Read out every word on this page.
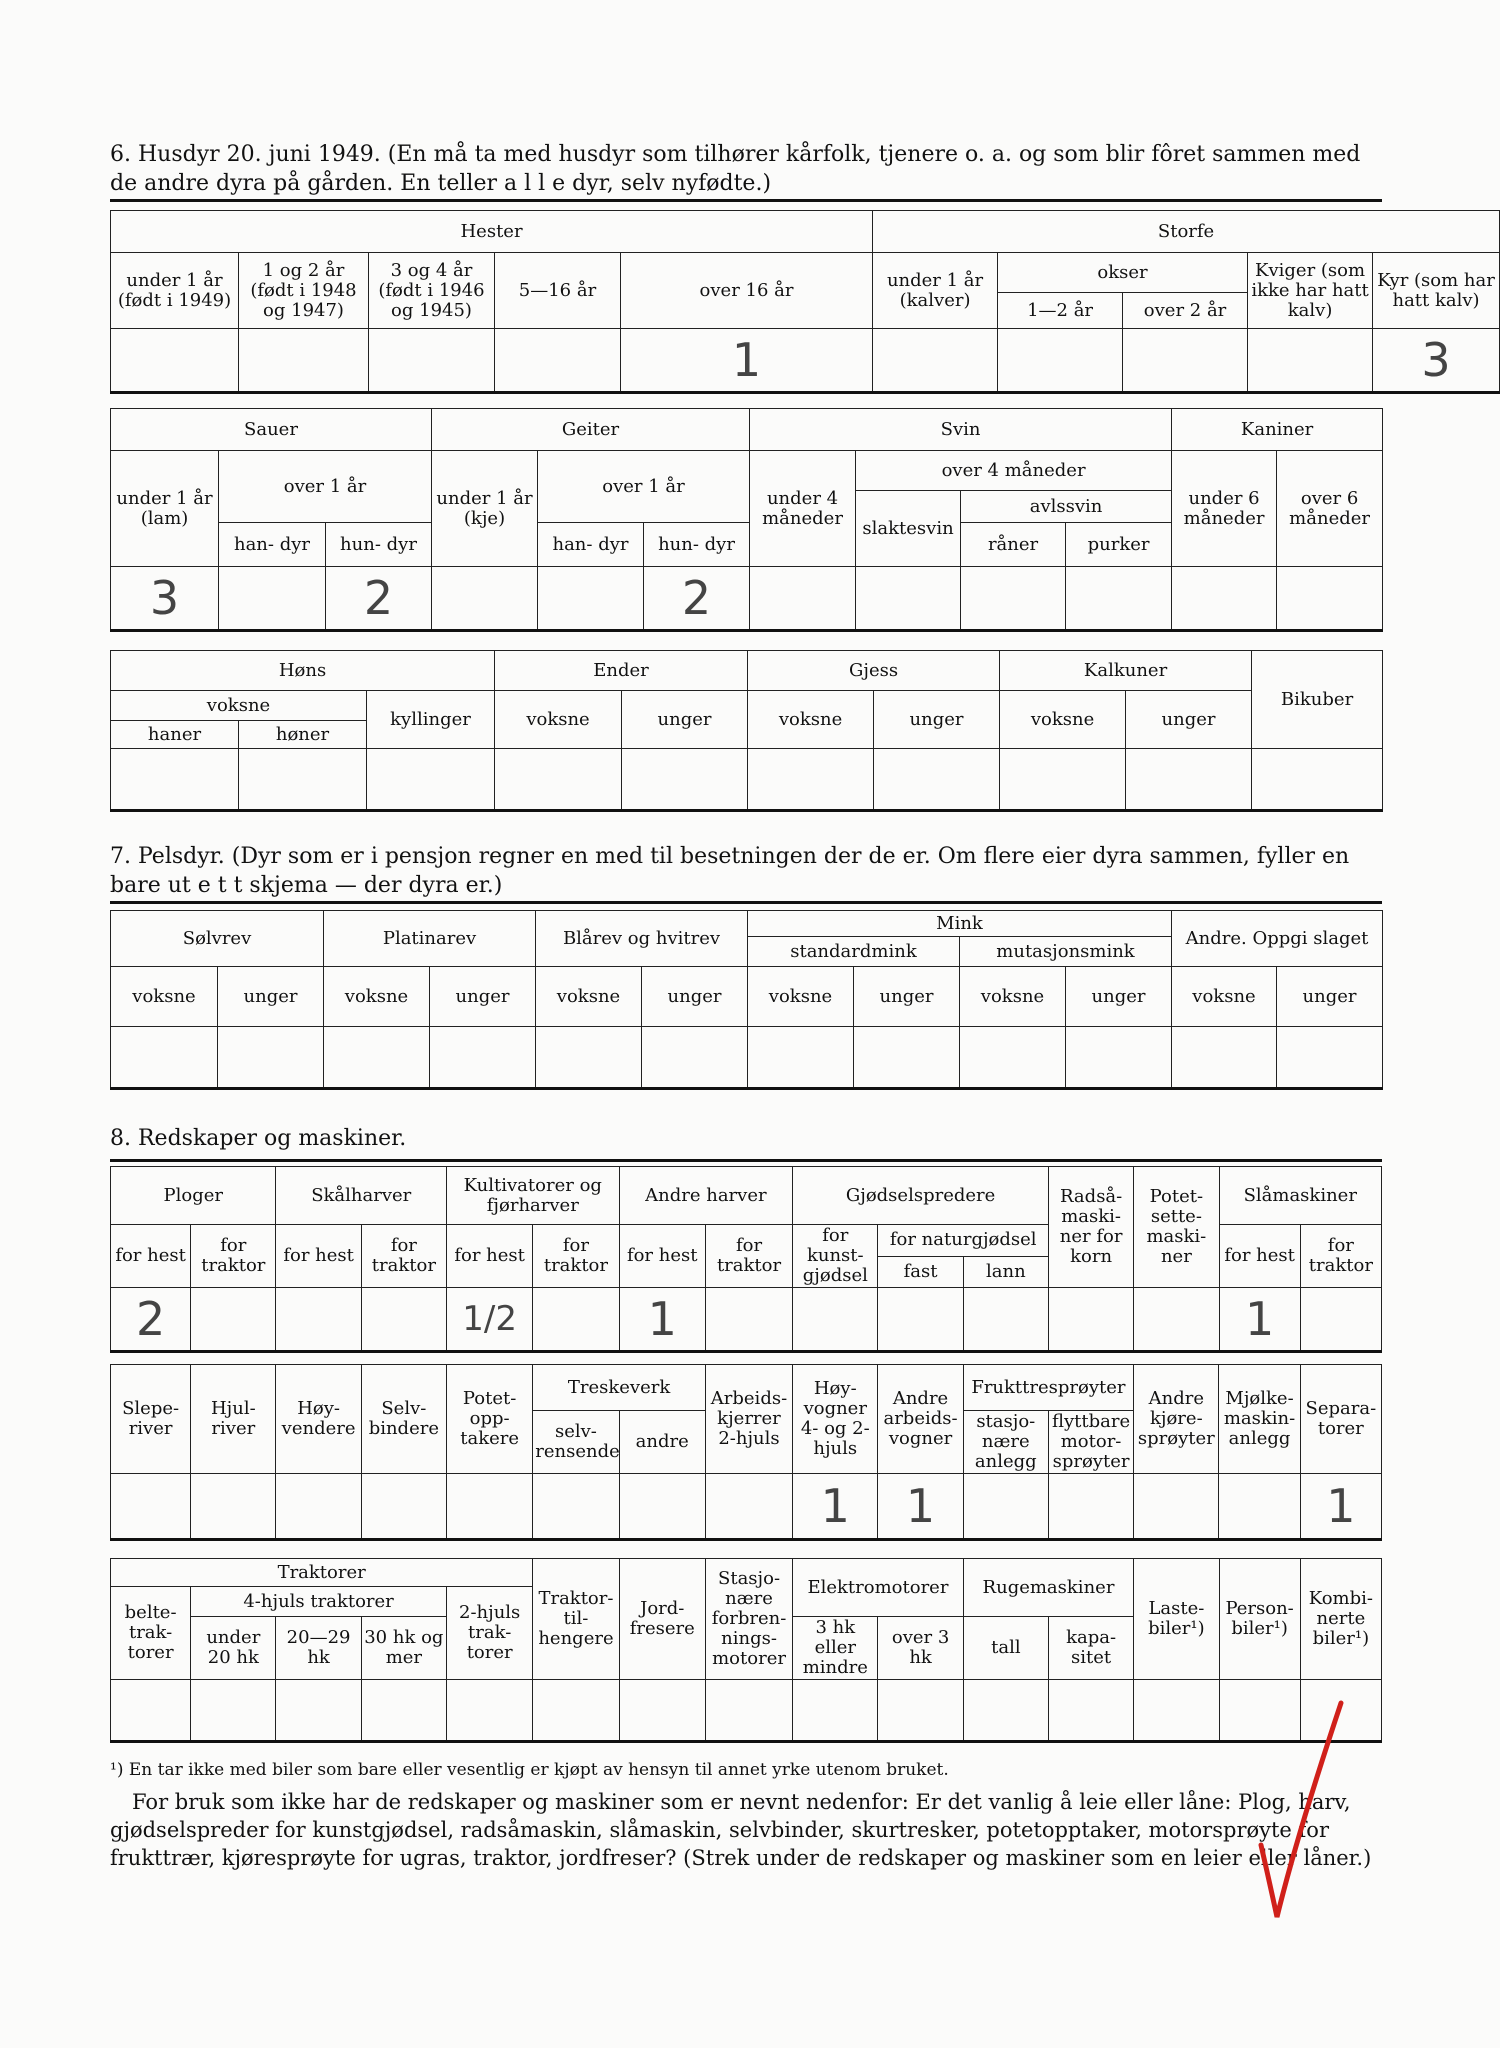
6. Husdyr 20. juni 1949. (En må ta med husdyr som tilhører kårfolk, tjenere o. a. og som blir fôret sammen med de andre dyra på gården. En teller a l l e dyr, selv nyfødte.)

Hester					Storfe				
under 1 år (født i 1949)	1 og 2 år (født i 1948 og 1947)	3 og 4 år (født i 1946 og 1945)	5—16 år	over 16 år	under 1 år (kalver)	okser		Kviger (som ikke har hatt kalv)	Kyr (som har hatt kalv)
						1—2 år	over 2 år		
				1					3
Sauer			Geiter			Svin				Kaniner	
under 1 år (lam)	over 1 år		under 1 år (kje)	over 1 år		under 4 måneder	over 4 måneder			under 6 måneder	over 6 måneder
							slaktesvin	avlssvin			
	han- dyr	hun- dyr		han- dyr	hun- dyr			råner	purker		
3		2			2						
Høns			Ender		Gjess		Kalkuner		Bikuber
voksne		kyllinger	voksne	unger	voksne	unger	voksne	unger	
haner	høner								

7. Pelsdyr. (Dyr som er i pensjon regner en med til besetningen der de er. Om flere eier dyra sammen, fyller en bare ut e t t skjema — der dyra er.)

Sølvrev		Platinarev		Blårev og hvitrev		Mink				Andre. Oppgi slaget	
						standardmink		mutasjonsmink			
voksne	unger	voksne	unger	voksne	unger	voksne	unger	voksne	unger	voksne	unger

8. Redskaper og maskiner.

Ploger		Skålharver		Kultivatorer og fjørharver		Andre harver		Gjødselspredere			Radså- maski- ner for korn	Potet- sette- maski- ner	Slåmaskiner	
for hest	for traktor	for hest	for traktor	for hest	for traktor	for hest	for traktor	for kunst- gjødsel	for naturgjødsel				for hest	for traktor
									fast	lann				
2				1/2		1							1	
Slepe- river	Hjul- river	Høy- vendere	Selv- bindere	Potet- opp- takere	Treskeverk		Arbeids- kjerrer 2-hjuls	Høy- vogner 4- og 2- hjuls	Andre arbeids- vogner	Frukttresprøyter		Andre kjøre- sprøyter	Mjølke- maskin- anlegg	Separa- torer
					selv- rensende	andre				stasjo- nære anlegg	flyttbare motor- sprøyter			
								1	1					1
Traktorer					Traktor- til- hengere	Jord- fresere	Stasjo- nære forbren- nings- motorer	Elektromotorer		Rugemaskiner		Laste- biler¹)	Person- biler¹)	Kombi- nerte biler¹)
belte- trak- torer	4-hjuls traktorer			2-hjuls trak- torer										
	under 20 hk	20—29 hk	30 hk og mer					3 hk eller mindre	over 3 hk	tall	kapa- sitet			

¹) En tar ikke med biler som bare eller vesentlig er kjøpt av hensyn til annet yrke utenom bruket.

For bruk som ikke har de redskaper og maskiner som er nevnt nedenfor: Er det vanlig å leie eller låne: Plog, harv, gjødselspreder for kunstgjødsel, radsåmaskin, slåmaskin, selvbinder, skurtresker, potetopptaker, motorsprøyte for frukttrær, kjøresprøyte for ugras, traktor, jordfreser? (Strek under de redskaper og maskiner som en leier eller låner.)
